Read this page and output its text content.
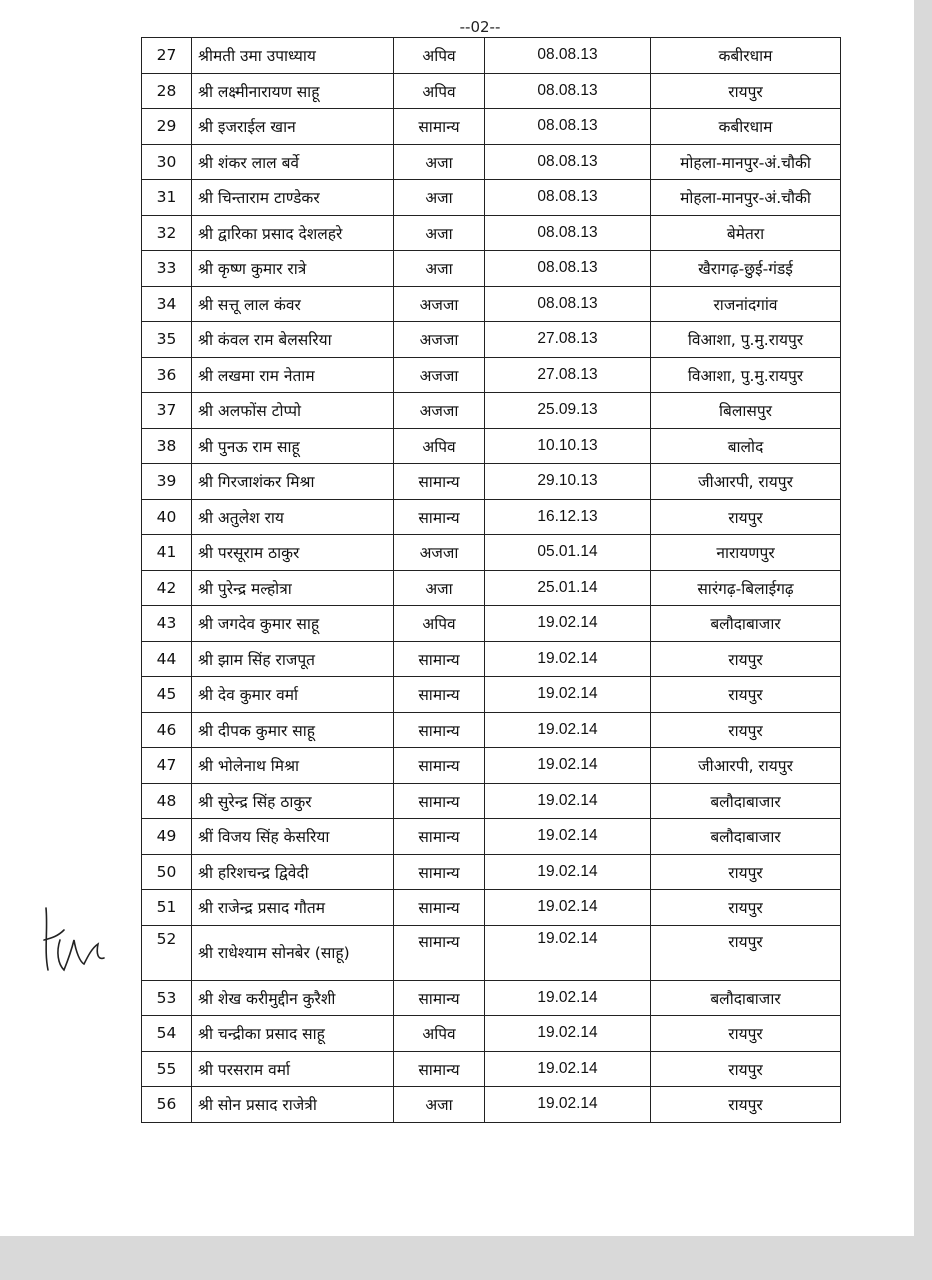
--02--
27	श्रीमती उमा उपाध्याय	अपिव	08.08.13	कबीरधाम
28	श्री लक्ष्मीनारायण साहू	अपिव	08.08.13	रायपुर
29	श्री इजराईल खान	सामान्य	08.08.13	कबीरधाम
30	श्री शंकर लाल बर्वे	अजा	08.08.13	मोहला-मानपुर-अं.चौकी
31	श्री चिन्ताराम टाण्डेकर	अजा	08.08.13	मोहला-मानपुर-अं.चौकी
32	श्री द्वारिका प्रसाद देशलहरे	अजा	08.08.13	बेमेतरा
33	श्री कृष्ण कुमार रात्रे	अजा	08.08.13	खैरागढ़-छुई-गंडई
34	श्री सत्तू लाल कंवर	अजजा	08.08.13	राजनांदगांव
35	श्री कंवल राम बेलसरिया	अजजा	27.08.13	विआशा, पु.मु.रायपुर
36	श्री लखमा राम नेताम	अजजा	27.08.13	विआशा, पु.मु.रायपुर
37	श्री अलफोंस टोप्पो	अजजा	25.09.13	बिलासपुर
38	श्री पुनऊ राम साहू	अपिव	10.10.13	बालोद
39	श्री गिरजाशंकर मिश्रा	सामान्य	29.10.13	जीआरपी, रायपुर
40	श्री अतुलेश राय	सामान्य	16.12.13	रायपुर
41	श्री परसूराम ठाकुर	अजजा	05.01.14	नारायणपुर
42	श्री पुरेन्द्र मल्होत्रा	अजा	25.01.14	सारंगढ़-बिलाईगढ़
43	श्री जगदेव कुमार साहू	अपिव	19.02.14	बलौदाबाजार
44	श्री झाम सिंह राजपूत	सामान्य	19.02.14	रायपुर
45	श्री देव कुमार वर्मा	सामान्य	19.02.14	रायपुर
46	श्री दीपक कुमार साहू	सामान्य	19.02.14	रायपुर
47	श्री भोलेनाथ मिश्रा	सामान्य	19.02.14	जीआरपी, रायपुर
48	श्री सुरेन्द्र सिंह ठाकुर	सामान्य	19.02.14	बलौदाबाजार
49	श्रीं विजय सिंह केसरिया	सामान्य	19.02.14	बलौदाबाजार
50	श्री हरिशचन्द्र द्विवेदी	सामान्य	19.02.14	रायपुर
51	श्री राजेन्द्र प्रसाद गौतम	सामान्य	19.02.14	रायपुर
52	श्री राधेश्याम सोनबेर (साहू)	सामान्य	19.02.14	रायपुर
53	श्री शेख करीमुद्दीन कुरैशी	सामान्य	19.02.14	बलौदाबाजार
54	श्री चन्द्रीका प्रसाद साहू	अपिव	19.02.14	रायपुर
55	श्री परसराम वर्मा	सामान्य	19.02.14	रायपुर
56	श्री सोन प्रसाद राजेत्री	अजा	19.02.14	रायपुर
